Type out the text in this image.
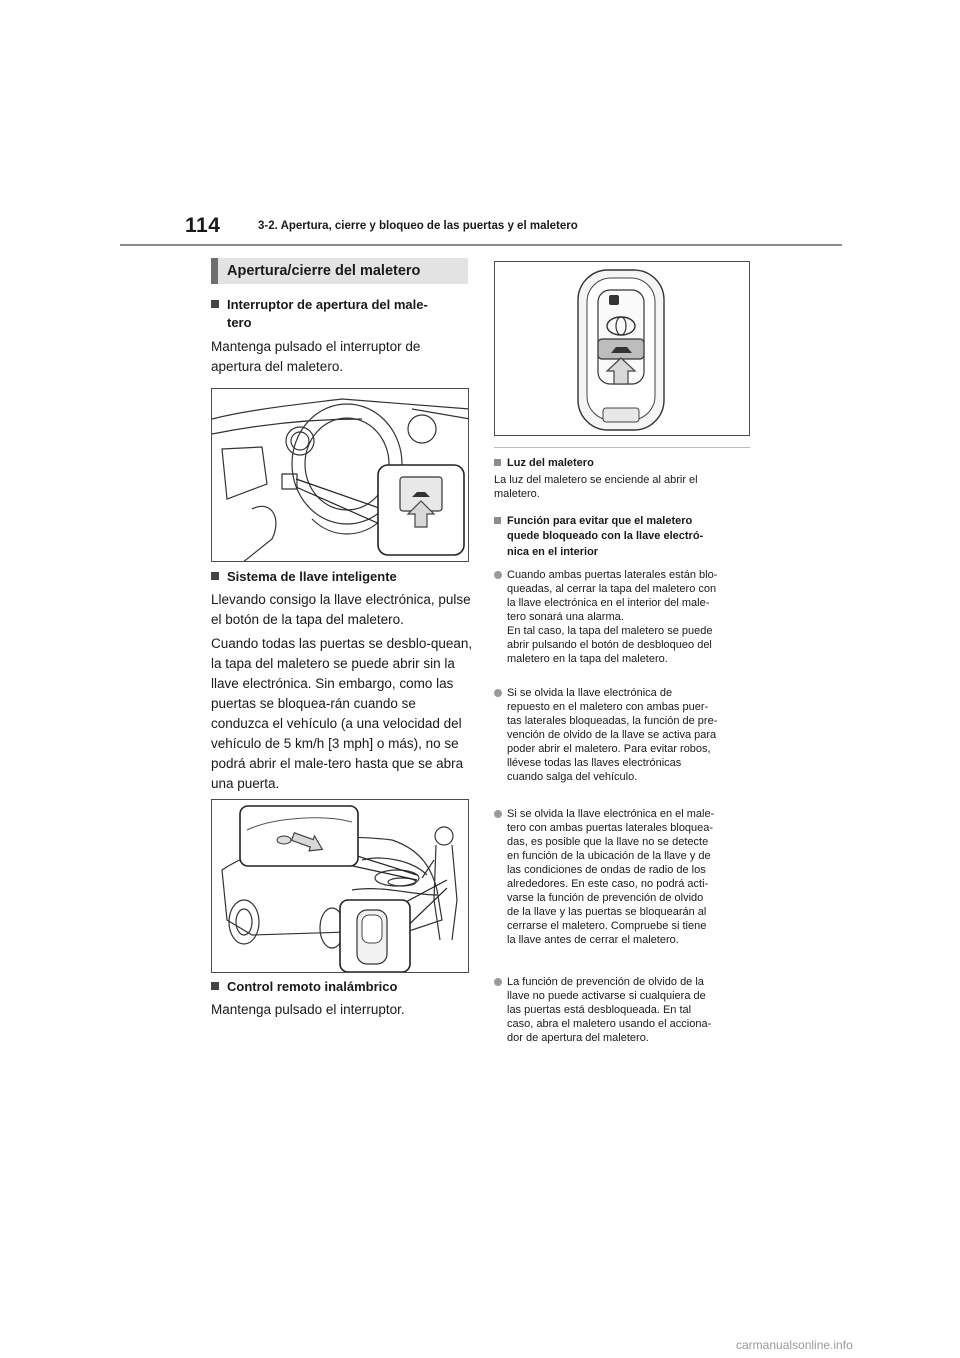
114	3-2. Apertura, cierre y bloqueo de las puertas y el maletero
Apertura/cierre del maletero
Interruptor de apertura del male-
tero
Mantenga pulsado el interruptor de apertura del maletero.
Sistema de llave inteligente
Llevando consigo la llave electrónica, pulse el botón de la tapa del maletero.
Cuando todas las puertas se desblo-quean, la tapa del maletero se puede abrir sin la llave electrónica. Sin embargo, como las puertas se bloquea-rán cuando se conduzca el vehículo (a una velocidad del vehículo de 5 km/h [3 mph] o más), no se podrá abrir el male-tero hasta que se abra una puerta.
Control remoto inalámbrico
Mantenga pulsado el interruptor.
Luz del maletero
La luz del maletero se enciende al abrir el
maletero.
Función para evitar que el maletero
quede bloqueado con la llave electró-
nica en el interior
Cuando ambas puertas laterales están blo-
queadas, al cerrar la tapa del maletero con
la llave electrónica en el interior del male-
tero sonará una alarma.
En tal caso, la tapa del maletero se puede
abrir pulsando el botón de desbloqueo del
maletero en la tapa del maletero.
Si se olvida la llave electrónica de
repuesto en el maletero con ambas puer-
tas laterales bloqueadas, la función de pre-
vención de olvido de la llave se activa para
poder abrir el maletero. Para evitar robos,
llévese todas las llaves electrónicas
cuando salga del vehículo.
Si se olvida la llave electrónica en el male-
tero con ambas puertas laterales bloquea-
das, es posible que la llave no se detecte
en función de la ubicación de la llave y de
las condiciones de ondas de radio de los
alrededores. En este caso, no podrá acti-
varse la función de prevención de olvido
de la llave y las puertas se bloquearán al
cerrarse el maletero. Compruebe si tiene
la llave antes de cerrar el maletero.
La función de prevención de olvido de la
llave no puede activarse si cualquiera de
las puertas está desbloqueada. En tal
caso, abra el maletero usando el acciona-
dor de apertura del maletero.
carmanualsonline.info
